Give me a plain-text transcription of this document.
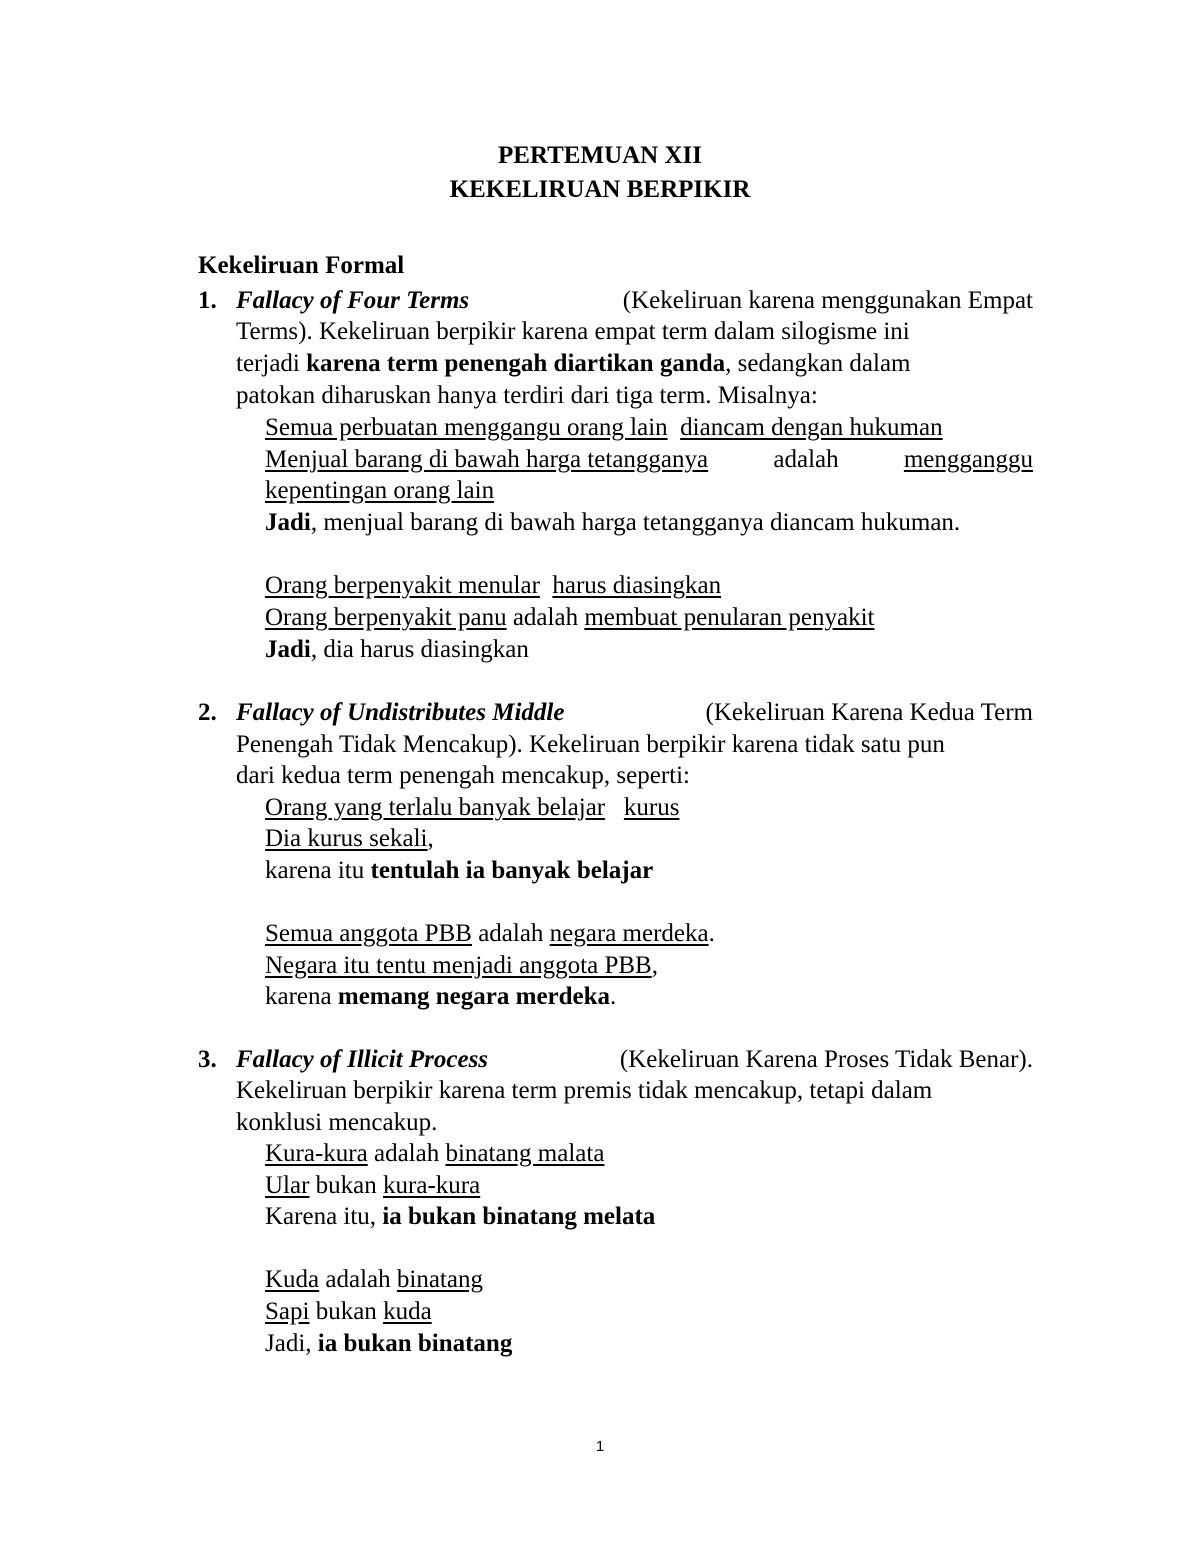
PERTEMUAN XII
KEKELIRUAN BERPIKIR
Kekeliruan Formal
1. Fallacy of Four Terms	(Kekeliruan karena menggunakan Empat
Terms). Kekeliruan berpikir karena empat term dalam silogisme ini
terjadi karena term penengah diartikan ganda, sedangkan dalam
patokan diharuskan hanya terdiri dari tiga term. Misalnya:
Semua perbuatan menggangu orang lain diancam dengan hukuman
Menjual barang di bawah harga tetangganya	adalah	mengganggu
kepentingan orang lain
Jadi, menjual barang di bawah harga tetangganya diancam hukuman.
Orang berpenyakit menular harus diasingkan
Orang berpenyakit panu adalah membuat penularan penyakit
Jadi, dia harus diasingkan
2. Fallacy of Undistributes Middle	(Kekeliruan Karena Kedua Term
Penengah Tidak Mencakup). Kekeliruan berpikir karena tidak satu pun
dari kedua term penengah mencakup, seperti:
Orang yang terlalu banyak belajar kurus
Dia kurus sekali,
karena itu tentulah ia banyak belajar
Semua anggota PBB adalah negara merdeka.
Negara itu tentu menjadi anggota PBB,
karena memang negara merdeka.
3. Fallacy of Illicit Process	(Kekeliruan Karena Proses Tidak Benar).
Kekeliruan berpikir karena term premis tidak mencakup, tetapi dalam
konklusi mencakup.
Kura-kura adalah binatang malata
Ular bukan kura-kura
Karena itu, ia bukan binatang melata
Kuda adalah binatang
Sapi bukan kuda
Jadi, ia bukan binatang
1
